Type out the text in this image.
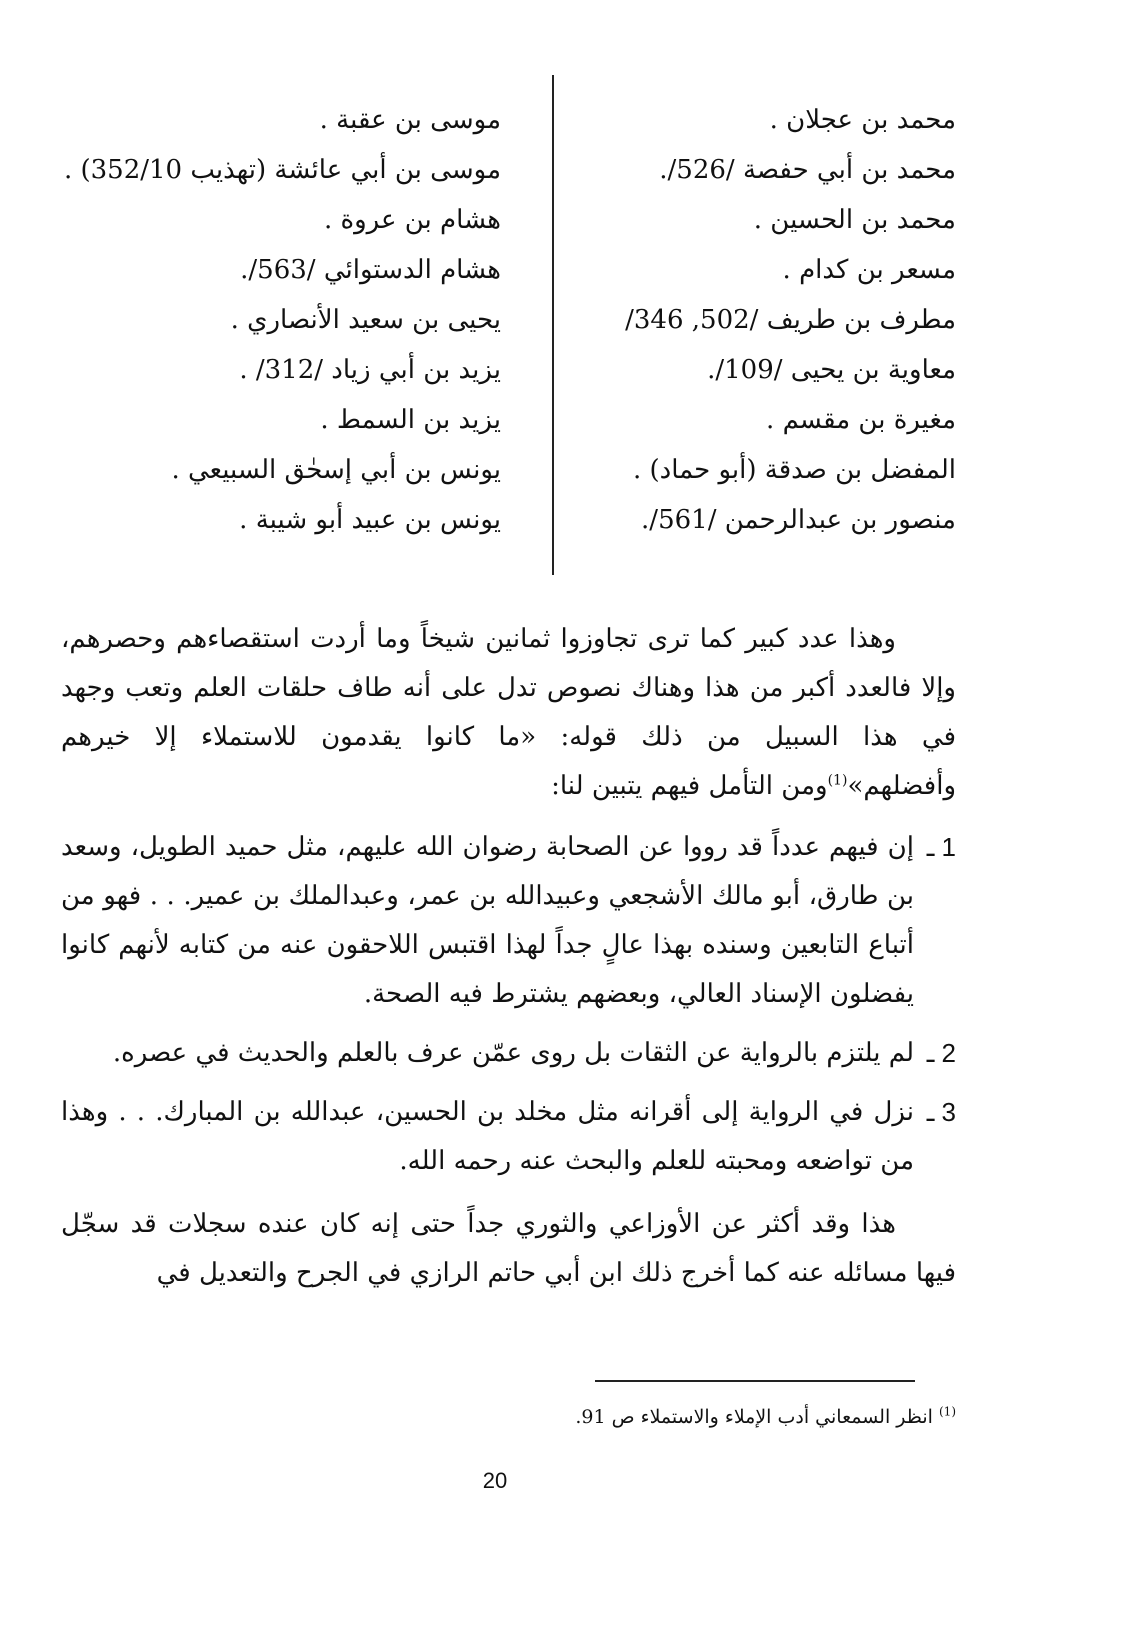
محمد بن عجلان .
محمد بن أبي حفصة /526/.
محمد بن الحسين .
مسعر بن كدام .
مطرف بن طريف /502, 346/
معاوية بن يحيى /109/.
مغيرة بن مقسم .
المفضل بن صدقة (أبو حماد) .
منصور بن عبدالرحمن /561/.
موسى بن عقبة .
موسى بن أبي عائشة (تهذيب 352/10) .
هشام بن عروة .
هشام الدستوائي /563/.
يحيى بن سعيد الأنصاري .
يزيد بن أبي زياد /312/ .
يزيد بن السمط .
يونس بن أبي إسحٰق السبيعي .
يونس بن عبيد أبو شيبة .

وهذا عدد كبير كما ترى تجاوزوا ثمانين شيخاً وما أردت استقصاءهم وحصرهم، وإلا فالعدد أكبر من هذا وهناك نصوص تدل على أنه طاف حلقات العلم وتعب وجهد في هذا السبيل من ذلك قوله: «ما كانوا يقدمون للاستملاء إلا خيرهم وأفضلهم»$^{(1)}$ومن التأمل فيهم يتبين لنا:

1 ـ
إن فيهم عدداً قد رووا عن الصحابة رضوان الله عليهم، مثل حميد الطويل، وسعد بن طارق، أبو مالك الأشجعي وعبيدالله بن عمر، وعبدالملك بن عمير. . . فهو من أتباع التابعين وسنده بهذا عالٍ جداً لهذا اقتبس اللاحقون عنه من كتابه لأنهم كانوا يفضلون الإسناد العالي، وبعضهم يشترط فيه الصحة.
2 ـ
لم يلتزم بالرواية عن الثقات بل روى عمّن عرف بالعلم والحديث في عصره.
3 ـ
نزل في الرواية إلى أقرانه مثل مخلد بن الحسين، عبدالله بن المبارك. . . وهذا من تواضعه ومحبته للعلم والبحث عنه رحمه الله.

هذا وقد أكثر عن الأوزاعي والثوري جداً حتى إنه كان عنده سجلات قد سجّل فيها مسائله عنه كما أخرج ذلك ابن أبي حاتم الرازي في الجرح والتعديل في

$^{(1)}$ انظر السمعاني أدب الإملاء والاستملاء ص 91.
20
